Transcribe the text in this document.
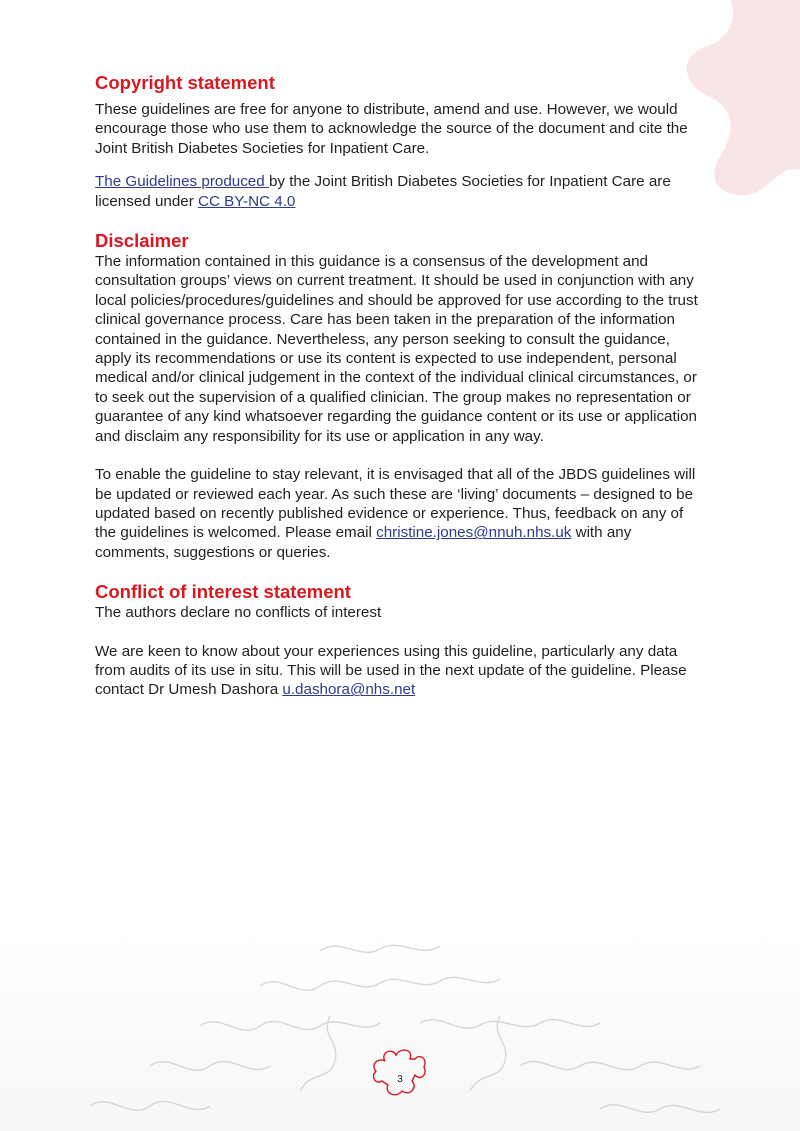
Copyright statement

These guidelines are free for anyone to distribute, amend and use. However, we would encourage those who use them to acknowledge the source of the document and cite the Joint British Diabetes Societies for Inpatient Care.

The Guidelines produced by the Joint British Diabetes Societies for Inpatient Care are licensed under CC BY-NC 4.0

Disclaimer

The information contained in this guidance is a consensus of the development and consultation groups’ views on current treatment. It should be used in conjunction with any local policies/procedures/guidelines and should be approved for use according to the trust clinical governance process. Care has been taken in the preparation of the information contained in the guidance. Nevertheless, any person seeking to consult the guidance, apply its recommendations or use its content is expected to use independent, personal medical and/or clinical judgement in the context of the individual clinical circumstances, or to seek out the supervision of a qualified clinician. The group makes no representation or guarantee of any kind whatsoever regarding the guidance content or its use or application and disclaim any responsibility for its use or application in any way.

To enable the guideline to stay relevant, it is envisaged that all of the JBDS guidelines will be updated or reviewed each year. As such these are ‘living’ documents – designed to be updated based on recently published evidence or experience. Thus, feedback on any of the guidelines is welcomed. Please email christine.jones@nnuh.nhs.uk with any comments, suggestions or queries.

Conflict of interest statement

The authors declare no conflicts of interest

We are keen to know about your experiences using this guideline, particularly any data from audits of its use in situ. This will be used in the next update of the guideline. Please contact Dr Umesh Dashora u.dashora@nhs.net

3
